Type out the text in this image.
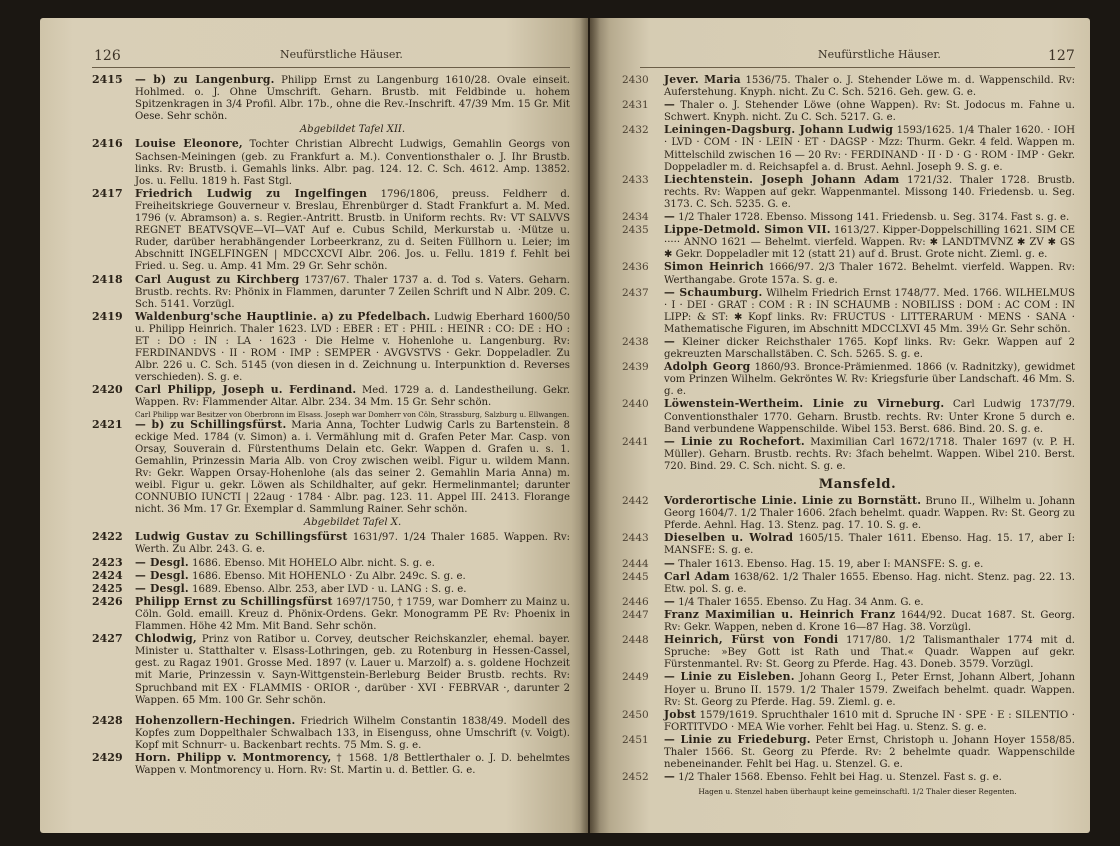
126	Neufürstliche Häuser.
2415 — b) zu Langenburg. Philipp Ernst zu Langenburg 1610/28. Ovale einseit. Hohlmed. o. J. Ohne Umschrift. Geharn. Brustb. mit Feldbinde u. hohem Spitzenkragen in 3/4 Profil. Albr. 17b., ohne die Rev.-Inschrift. 47/39 Mm. 15 Gr. Mit Oese. Sehr schön.
Abgebildet Tafel XII.
2416 Louise Eleonore, Tochter Christian Albrecht Ludwigs, Gemahlin Georgs von Sachsen-Meiningen (geb. zu Frankfurt a. M.). Conventionsthaler o. J. Ihr Brustb. links. Rv: Brustb. i. Gemahls links. Albr. pag. 124. 12. C. Sch. 4612. Amp. 13852. Jos. u. Fellu. 1819 h. Fast Stgl.
2417 Friedrich Ludwig zu Ingelfingen 1796/1806, preuss. Feldherr d. Freiheitskriege Gouverneur v. Breslau, Ehrenbürger d. Stadt Frankfurt a. M. Med. 1796 (v. Abramson) a. s. Regier.-Antritt. Brustb. in Uniform rechts. Rv: VT SALVVS REGNET BEATVSQVE—VI—VAT Auf e. Cubus Schild, Merkurstab u. ·Mütze u. Ruder, darüber herabhängender Lorbeerkranz, zu d. Seiten Füllhorn u. Leier; im Abschnitt INGELFINGEN | MDCCXCVI Albr. 206. Jos. u. Fellu. 1819 f. Fehlt bei Fried. u. Seg. u. Amp. 41 Mm. 29 Gr. Sehr schön.
2418 Carl August zu Kirchberg 1737/67. Thaler 1737 a. d. Tod s. Vaters. Geharn. Brustb. rechts. Rv: Phönix in Flammen, darunter 7 Zeilen Schrift und N Albr. 209. C. Sch. 5141. Vorzügl.
2419 Waldenburg'sche Hauptlinie. a) zu Pfedelbach. Ludwig Eberhard 1600/50 u. Philipp Heinrich. Thaler 1623. LVD : EBER : ET : PHIL : HEINR : CO: DE : HO : ET : DO : IN : LA · 1623 · Die Helme v. Hohenlohe u. Langenburg. Rv: FERDINANDVS · II · ROM · IMP : SEMPER · AVGVSTVS · Gekr. Doppeladler. Zu Albr. 226 u. C. Sch. 5145 (von diesen in d. Zeichnung u. Interpunktion d. Reverses verschieden). S. g. e.
2420 Carl Philipp, Joseph u. Ferdinand. Med. 1729 a. d. Landestheilung. Gekr. Wappen. Rv: Flammender Altar. Albr. 234. 34 Mm. 15 Gr. Sehr schön.
Carl Philipp war Besitzer von Oberbronn im Elsass. Joseph war Domherr von Cöln, Strassburg, Salzburg u. Ellwangen.
2421 — b) zu Schillingsfürst. Maria Anna, Tochter Ludwig Carls zu Bartenstein. 8 eckige Med. 1784 (v. Simon) a. i. Vermählung mit d. Grafen Peter Mar. Casp. von Orsay, Souverain d. Fürstenthums Delain etc. Gekr. Wappen d. Grafen u. s. 1. Gemahlin, Prinzessin Maria Alb. von Croy zwischen weibl. Figur u. wildem Mann. Rv: Gekr. Wappen Orsay-Hohenlohe (als das seiner 2. Gemahlin Maria Anna) m. weibl. Figur u. gekr. Löwen als Schildhalter, auf gekr. Hermelinmantel; darunter CONNUBIO IUNCTI | 22aug · 1784 · Albr. pag. 123. 11. Appel III. 2413. Florange nicht. 36 Mm. 17 Gr. Exemplar d. Sammlung Rainer. Sehr schön.
Abgebildet Tafel X.
2422 Ludwig Gustav zu Schillingsfürst 1631/97. 1/24 Thaler 1685. Wappen. Rv: Werth. Zu Albr. 243. G. e.
2423 — Desgl. 1686. Ebenso. Mit HOHELO Albr. nicht. S. g. e.
2424 — Desgl. 1686. Ebenso. Mit HOHENLO · Zu Albr. 249c. S. g. e.
2425 — Desgl. 1689. Ebenso. Albr. 253, aber LVD · u. LANG : S. g. e.
2426 Philipp Ernst zu Schillingsfürst 1697/1750, † 1759, war Domherr zu Mainz u. Cöln. Gold. emaill. Kreuz d. Phönix-Ordens. Gekr. Monogramm PE Rv: Phoenix in Flammen. Höhe 42 Mm. Mit Band. Sehr schön.
2427 Chlodwig, Prinz von Ratibor u. Corvey, deutscher Reichskanzler, ehemal. bayer. Minister u. Statthalter v. Elsass-Lothringen, geb. zu Rotenburg in Hessen-Cassel, gest. zu Ragaz 1901. Grosse Med. 1897 (v. Lauer u. Marzolf) a. s. goldene Hochzeit mit Marie, Prinzessin v. Sayn-Wittgenstein-Berleburg Beider Brustb. rechts. Rv: Spruchband mit EX · FLAMMIS · ORIOR ·, darüber · XVI · FEBRVAR ·, darunter 2 Wappen. 65 Mm. 100 Gr. Sehr schön.
2428 Hohenzollern-Hechingen. Friedrich Wilhelm Constantin 1838/49. Modell des Kopfes zum Doppelthaler Schwalbach 133, in Eisenguss, ohne Umschrift (v. Voigt). Kopf mit Schnurr- u. Backenbart rechts. 75 Mm. S. g. e.
2429 Horn. Philipp v. Montmorency, † 1568. 1/8 Bettlerthaler o. J. D. behelmtes Wappen v. Montmorency u. Horn. Rv: St. Martin u. d. Bettler. G. e.
Neufürstliche Häuser.	127
2430 Jever. Maria 1536/75. Thaler o. J. Stehender Löwe m. d. Wappenschild. Rv: Auferstehung. Knyph. nicht. Zu C. Sch. 5216. Geh. gew. G. e.
2431 — Thaler o. J. Stehender Löwe (ohne Wappen). Rv: St. Jodocus m. Fahne u. Schwert. Knyph. nicht. Zu C. Sch. 5217. G. e.
2432 Leiningen-Dagsburg. Johann Ludwig 1593/1625. 1/4 Thaler 1620. · IOH · LVD · COM · IN · LEIN · ET · DAGSP · Mzz: Thurm. Gekr. 4 feld. Wappen m. Mittelschild zwischen 16 — 20 Rv: · FERDINAND · II · D · G · ROM · IMP · Gekr. Doppeladler m. d. Reichsapfel a. d. Brust. Aehnl. Joseph 9. S. g. e.
2433 Liechtenstein. Joseph Johann Adam 1721/32. Thaler 1728. Brustb. rechts. Rv: Wappen auf gekr. Wappenmantel. Missong 140. Friedensb. u. Seg. 3173. C. Sch. 5235. G. e.
2434 — 1/2 Thaler 1728. Ebenso. Missong 141. Friedensb. u. Seg. 3174. Fast s. g. e.
2435 Lippe-Detmold. Simon VII. 1613/27. Kipper-Doppelschilling 1621. SIM CE ····· ANNO 1621 — Behelmt. vierfeld. Wappen. Rv: ✱ LANDTMVNZ ✱ ZV ✱ GS ✱ Gekr. Doppeladler mit 12 (statt 21) auf d. Brust. Grote nicht. Zieml. g. e.
2436 Simon Heinrich 1666/97. 2/3 Thaler 1672. Behelmt. vierfeld. Wappen. Rv: Werthangabe. Grote 157a. S. g. e.
2437 — Schaumburg. Wilhelm Friedrich Ernst 1748/77. Med. 1766. WILHELMUS · I · DEI · GRAT : COM : R : IN SCHAUMB : NOBILISS : DOM : AC COM : IN LIPP: & ST: ✱ Kopf links. Rv: FRUCTUS · LITTERARUM · MENS · SANA · Mathematische Figuren, im Abschnitt MDCCLXVI 45 Mm. 39½ Gr. Sehr schön.
2438 — Kleiner dicker Reichsthaler 1765. Kopf links. Rv: Gekr. Wappen auf 2 gekreuzten Marschallstäben. C. Sch. 5265. S. g. e.
2439 Adolph Georg 1860/93. Bronce-Prämienmed. 1866 (v. Radnitzky), gewidmet vom Prinzen Wilhelm. Gekröntes W. Rv: Kriegsfurie über Landschaft. 46 Mm. S. g. e.
2440 Löwenstein-Wertheim. Linie zu Virneburg. Carl Ludwig 1737/79. Conventionsthaler 1770. Geharn. Brustb. rechts. Rv: Unter Krone 5 durch e. Band verbundene Wappenschilde. Wibel 153. Berst. 686. Bind. 20. S. g. e.
2441 — Linie zu Rochefort. Maximilian Carl 1672/1718. Thaler 1697 (v. P. H. Müller). Geharn. Brustb. rechts. Rv: 3fach behelmt. Wappen. Wibel 210. Berst. 720. Bind. 29. C. Sch. nicht. S. g. e.
Mansfeld.
2442 Vorderortische Linie. Linie zu Bornstätt. Bruno II., Wilhelm u. Johann Georg 1604/7. 1/2 Thaler 1606. 2fach behelmt. quadr. Wappen. Rv: St. Georg zu Pferde. Aehnl. Hag. 13. Stenz. pag. 17. 10. S. g. e.
2443 Dieselben u. Wolrad 1605/15. Thaler 1611. Ebenso. Hag. 15. 17, aber I: MANSFE: S. g. e.
2444 — Thaler 1613. Ebenso. Hag. 15. 19, aber I: MANSFE: S. g. e.
2445 Carl Adam 1638/62. 1/2 Thaler 1655. Ebenso. Hag. nicht. Stenz. pag. 22. 13. Etw. pol. S. g. e.
2446 — 1/4 Thaler 1655. Ebenso. Zu Hag. 34 Anm. G. e.
2447 Franz Maximilian u. Heinrich Franz 1644/92. Ducat 1687. St. Georg. Rv: Gekr. Wappen, neben d. Krone 16—87 Hag. 38. Vorzügl.
2448 Heinrich, Fürst von Fondi 1717/80. 1/2 Talismanthaler 1774 mit d. Spruche: »Bey Gott ist Rath und That.« Quadr. Wappen auf gekr. Fürstenmantel. Rv: St. Georg zu Pferde. Hag. 43. Doneb. 3579. Vorzügl.
2449 — Linie zu Eisleben. Johann Georg I., Peter Ernst, Johann Albert, Johann Hoyer u. Bruno II. 1579. 1/2 Thaler 1579. Zweifach behelmt. quadr. Wappen. Rv: St. Georg zu Pferde. Hag. 59. Zieml. g. e.
2450 Jobst 1579/1619. Spruchthaler 1610 mit d. Spruche IN · SPE · E : SILENTIO · FORTITVDO · MEA Wie vorher. Fehlt bei Hag. u. Stenz. S. g. e.
2451 — Linie zu Friedeburg. Peter Ernst, Christoph u. Johann Hoyer 1558/85. Thaler 1566. St. Georg zu Pferde. Rv: 2 behelmte quadr. Wappenschilde nebeneinander. Fehlt bei Hag. u. Stenzel. G. e.
2452 — 1/2 Thaler 1568. Ebenso. Fehlt bei Hag. u. Stenzel. Fast s. g. e.
Hagen u. Stenzel haben überhaupt keine gemeinschaftl. 1/2 Thaler dieser Regenten.
